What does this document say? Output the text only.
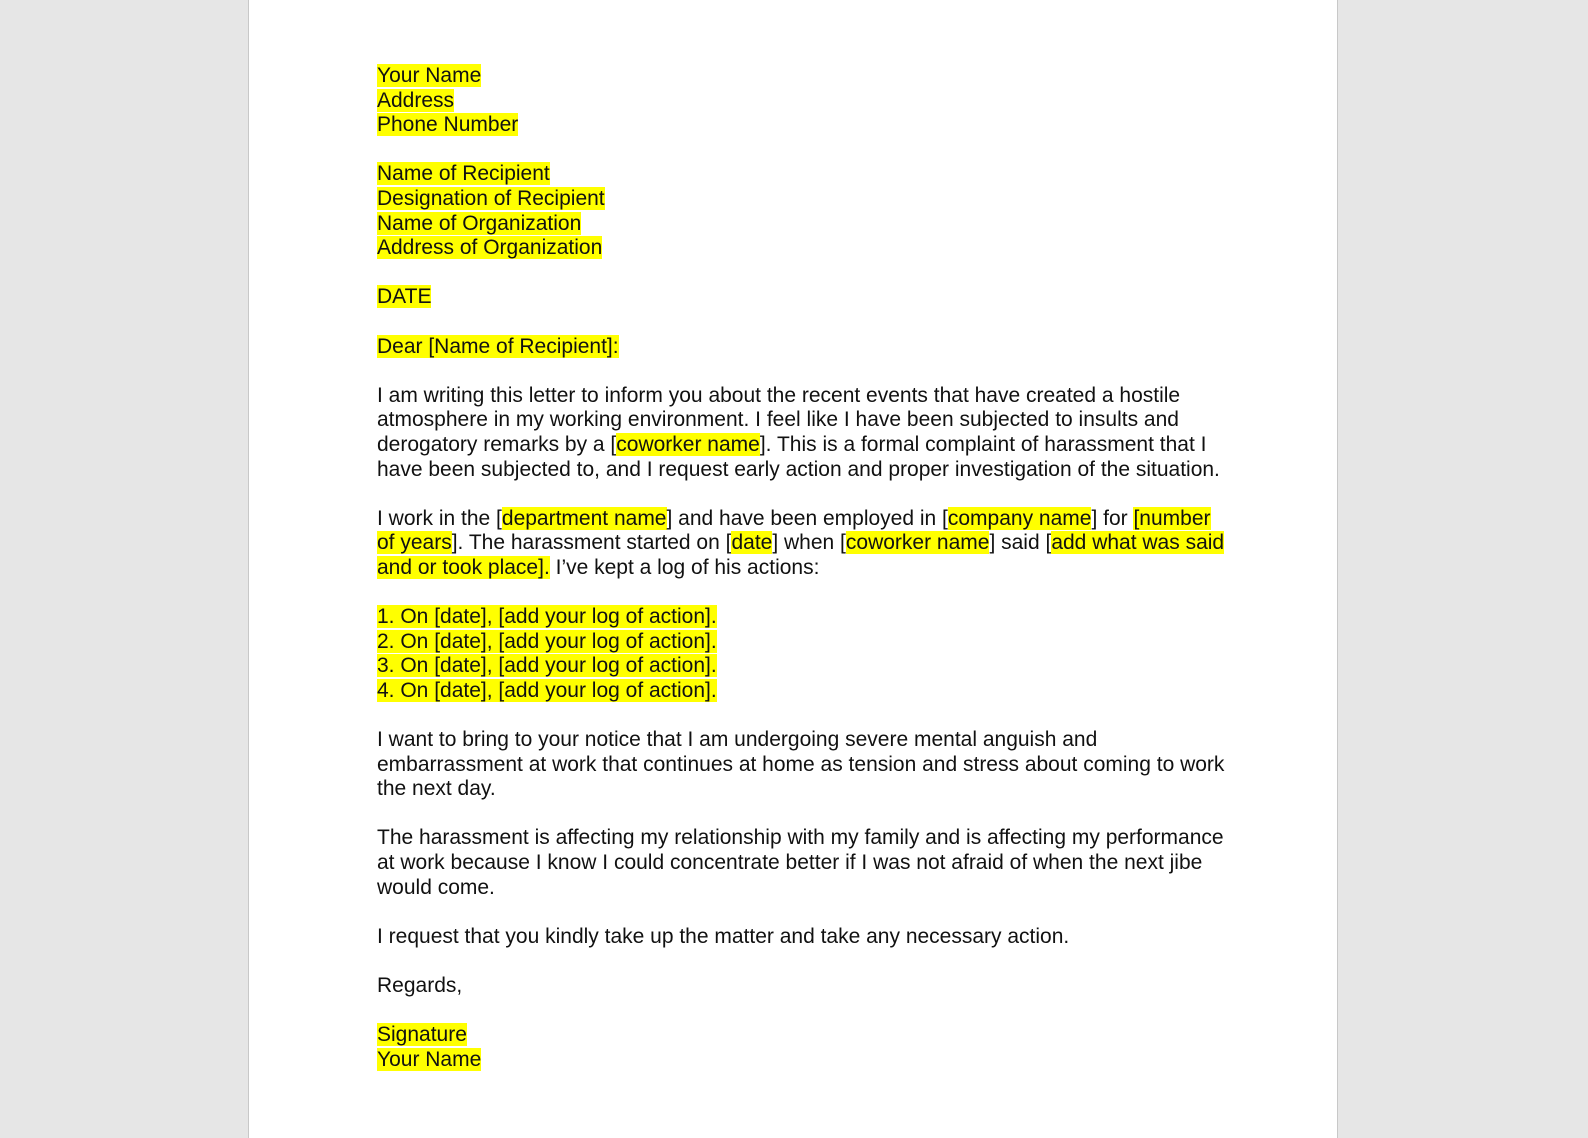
Your Name
Address
Phone Number
Name of Recipient
Designation of Recipient
Name of Organization
Address of Organization
DATE
Dear [Name of Recipient]:

I am writing this letter to inform you about the recent events that have created a hostile atmosphere in my working environment. I feel like I have been subjected to insults and derogatory remarks by a [coworker name]. This is a formal complaint of harassment that I have been subjected to, and I request early action and proper investigation of the situation.

I work in the [department name] and have been employed in [company name] for [number of years]. The harassment started on [date] when [coworker name] said [add what was said and or took place]. I’ve kept a log of his actions:

1. On [date], [add your log of action].
2. On [date], [add your log of action].
3. On [date], [add your log of action].
4. On [date], [add your log of action].

I want to bring to your notice that I am undergoing severe mental anguish and embarrassment at work that continues at home as tension and stress about coming to work the next day.

The harassment is affecting my relationship with my family and is affecting my performance at work because I know I could concentrate better if I was not afraid of when the next jibe would come.

I request that you kindly take up the matter and take any necessary action.

Regards,

Signature
Your Name
